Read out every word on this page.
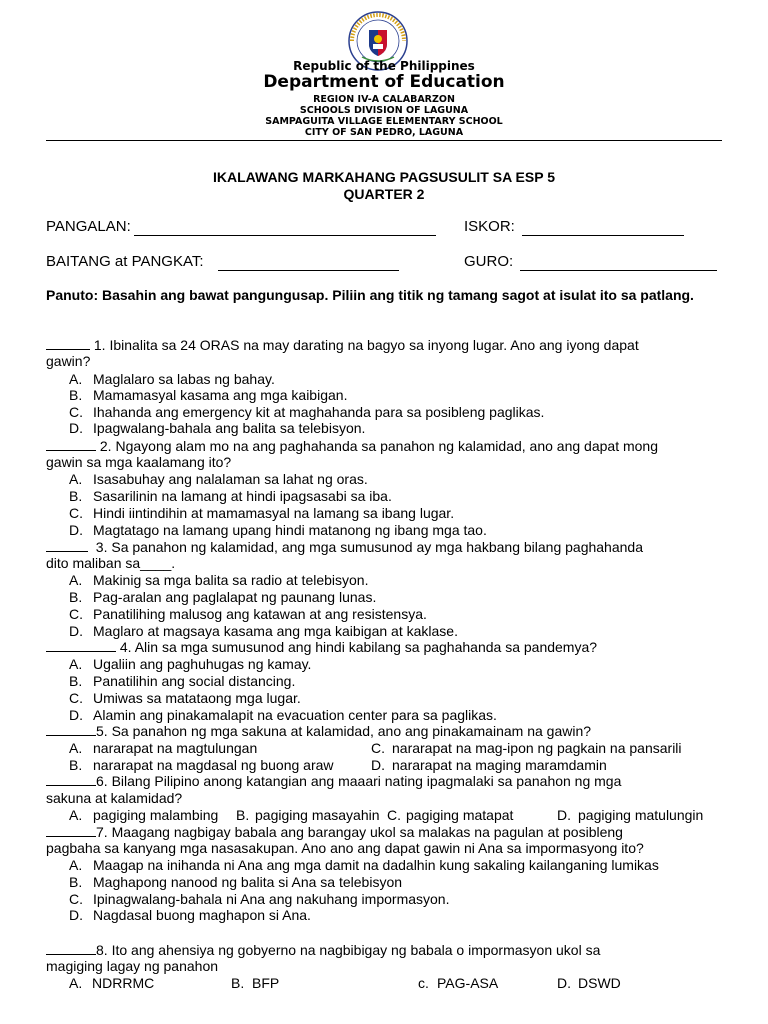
Republic of the Philippines
Department of Education
REGION IV-A CALABARZON
SCHOOLS DIVISION OF LAGUNA
SAMPAGUITA VILLAGE ELEMENTARY SCHOOL
CITY OF SAN PEDRO, LAGUNA
IKALAWANG MARKAHANG PAGSUSULIT SA ESP 5
QUARTER 2
PANGALAN:	ISKOR:
BAITANG at PANGKAT:	GURO:
Panuto: Basahin ang bawat pangungusap. Piliin ang titik ng tamang sagot at isulat ito sa patlang.
1. Ibinalita sa 24 ORAS na may darating na bagyo sa inyong lugar. Ano ang iyong dapat
gawin?
A. Maglalaro sa labas ng bahay.
B. Mamamasyal kasama ang mga kaibigan.
C. Ihahanda ang emergency kit at maghahanda para sa posibleng paglikas.
D. Ipagwalang-bahala ang balita sa telebisyon.
2. Ngayong alam mo na ang paghahanda sa panahon ng kalamidad, ano ang dapat mong
gawin sa mga kaalamang ito?
A. Isasabuhay ang nalalaman sa lahat ng oras.
B. Sasarilinin na lamang at hindi ipagsasabi sa iba.
C. Hindi iintindihin at mamamasyal na lamang sa ibang lugar.
D. Magtatago na lamang upang hindi matanong ng ibang mga tao.
3. Sa panahon ng kalamidad, ang mga sumusunod ay mga hakbang bilang paghahanda
dito maliban sa____.
A. Makinig sa mga balita sa radio at telebisyon.
B. Pag-aralan ang paglalapat ng paunang lunas.
C. Panatilihing malusog ang katawan at ang resistensya.
D. Maglaro at magsaya kasama ang mga kaibigan at kaklase.
4. Alin sa mga sumusunod ang hindi kabilang sa paghahanda sa pandemya?
A. Ugaliin ang paghuhugas ng kamay.
B. Panatilihin ang social distancing.
C. Umiwas sa matataong mga lugar.
D. Alamin ang pinakamalapit na evacuation center para sa paglikas.
5. Sa panahon ng mga sakuna at kalamidad, ano ang pinakamainam na gawin?
A. nararapat na magtulungan	C. nararapat na mag-ipon ng pagkain na pansarili
B. nararapat na magdasal ng buong araw	D. nararapat na maging maramdamin
6. Bilang Pilipino anong katangian ang maaari nating ipagmalaki sa panahon ng mga
sakuna at kalamidad?
A. pagiging malambing B. pagiging masayahin C. pagiging matapat	D. pagiging matulungin
7. Maagang nagbigay babala ang barangay ukol sa malakas na pagulan at posibleng
pagbaha sa kanyang mga nasasakupan. Ano ano ang dapat gawin ni Ana sa impormasyong ito?
A. Maagap na inihanda ni Ana ang mga damit na dadalhin kung sakaling kailanganing lumikas
B. Maghapong nanood ng balita si Ana sa telebisyon
C. Ipinagwalang-bahala ni Ana ang nakuhang impormasyon.
D. Nagdasal buong maghapon si Ana.
8. Ito ang ahensiya ng gobyerno na nagbibigay ng babala o impormasyon ukol sa
magiging lagay ng panahon
A. NDRRMC	B. BFP	c. PAG-ASA	D. DSWD
